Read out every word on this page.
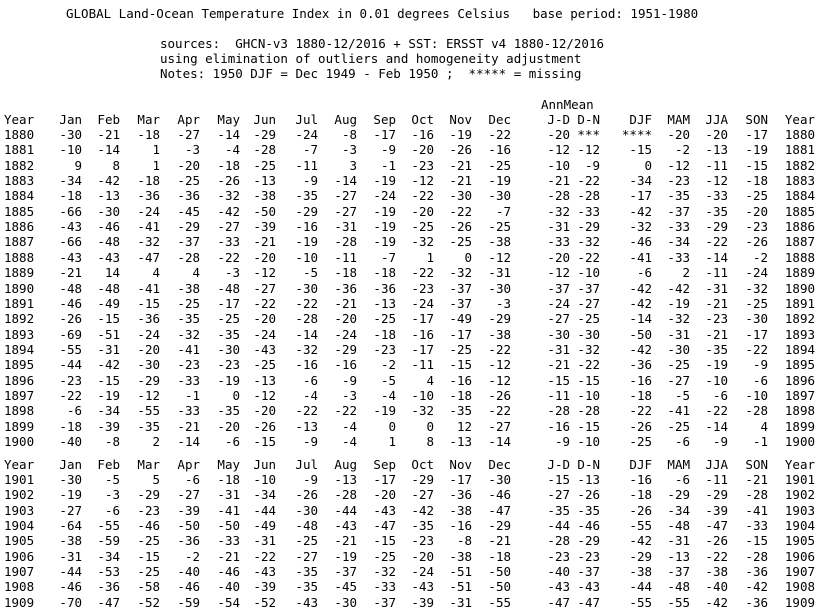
GLOBAL Land-Ocean Temperature Index in 0.01 degrees Celsius   base period: 1951-1980
sources:  GHCN-v3 1880-12/2016 + SST: ERSST v4 1880-12/2016
using elimination of outliers and homogeneity adjustment
Notes: 1950 DJF = Dec 1949 - Feb 1950 ;  ***** = missing
AnnMean
Year	Jan	Feb	Mar	Apr	May	Jun	Jul	Aug	Sep	Oct	Nov	Dec	J-D D-N	DJF	MAM	JJA	SON	Year
1880	-30	-21	-18	-27	-14	-29	-24	-8	-17	-16	-19	-22	-20 ***	****	-20	-20	-17	1880
1881	-10	-14	1	-3	-4	-28	-7	-3	-9	-20	-26	-16	-12 -12	-15	-2	-13	-19	1881
1882	9	8	1	-20	-18	-25	-11	3	-1	-23	-21	-25	-10	-9	0	-12	-11	-15	1882
1883	-34	-42	-18	-25	-26	-13	-9	-14	-19	-12	-21	-19	-21 -22	-34	-23	-12	-18	1883
1884	-18	-13	-36	-36	-32	-38	-35	-27	-24	-22	-30	-30	-28 -28	-17	-35	-33	-25	1884
1885	-66	-30	-24	-45	-42	-50	-29	-27	-19	-20	-22	-7	-32 -33	-42	-37	-35	-20	1885
1886	-43	-46	-41	-29	-27	-39	-16	-31	-19	-25	-26	-25	-31 -29	-32	-33	-29	-23	1886
1887	-66	-48	-32	-37	-33	-21	-19	-28	-19	-32	-25	-38	-33 -32	-46	-34	-22	-26	1887
1888	-43	-43	-47	-28	-22	-20	-10	-11	-7	1	0	-12	-20 -22	-41	-33	-14	-2	1888
1889	-21	14	4	4	-3	-12	-5	-18	-18	-22	-32	-31	-12 -10	-6	2	-11	-24	1889
1890	-48	-48	-41	-38	-48	-27	-30	-36	-36	-23	-37	-30	-37 -37	-42	-42	-31	-32	1890
1891	-46	-49	-15	-25	-17	-22	-22	-21	-13	-24	-37	-3	-24 -27	-42	-19	-21	-25	1891
1892	-26	-15	-36	-35	-25	-20	-28	-20	-25	-17	-49	-29	-27 -25	-14	-32	-23	-30	1892
1893	-69	-51	-24	-32	-35	-24	-14	-24	-18	-16	-17	-38	-30 -30	-50	-31	-21	-17	1893
1894	-55	-31	-20	-41	-30	-43	-32	-29	-23	-17	-25	-22	-31 -32	-42	-30	-35	-22	1894
1895	-44	-42	-30	-23	-23	-25	-16	-16	-2	-11	-15	-12	-21 -22	-36	-25	-19	-9	1895
1896	-23	-15	-29	-33	-19	-13	-6	-9	-5	4	-16	-12	-15 -15	-16	-27	-10	-6	1896
1897	-22	-19	-12	-1	0	-12	-4	-3	-4	-10	-18	-26	-11 -10	-18	-5	-6	-10	1897
1898	-6	-34	-55	-33	-35	-20	-22	-22	-19	-32	-35	-22	-28 -28	-22	-41	-22	-28	1898
1899	-18	-39	-35	-21	-20	-26	-13	-4	0	0	12	-27	-16 -15	-26	-25	-14	4	1899
1900	-40	-8	2	-14	-6	-15	-9	-4	1	8	-13	-14	-9 -10	-25	-6	-9	-1	1900
Year	Jan	Feb	Mar	Apr	May	Jun	Jul	Aug	Sep	Oct	Nov	Dec	J-D D-N	DJF	MAM	JJA	SON	Year
1901	-30	-5	5	-6	-18	-10	-9	-13	-17	-29	-17	-30	-15 -13	-16	-6	-11	-21	1901
1902	-19	-3	-29	-27	-31	-34	-26	-28	-20	-27	-36	-46	-27 -26	-18	-29	-29	-28	1902
1903	-27	-6	-23	-39	-41	-44	-30	-44	-43	-42	-38	-47	-35 -35	-26	-34	-39	-41	1903
1904	-64	-55	-46	-50	-50	-49	-48	-43	-47	-35	-16	-29	-44 -46	-55	-48	-47	-33	1904
1905	-38	-59	-25	-36	-33	-31	-25	-21	-15	-23	-8	-21	-28 -29	-42	-31	-26	-15	1905
1906	-31	-34	-15	-2	-21	-22	-27	-19	-25	-20	-38	-18	-23 -23	-29	-13	-22	-28	1906
1907	-44	-53	-25	-40	-46	-43	-35	-37	-32	-24	-51	-50	-40 -37	-38	-37	-38	-36	1907
1908	-46	-36	-58	-46	-40	-39	-35	-45	-33	-43	-51	-50	-43 -43	-44	-48	-40	-42	1908
1909	-70	-47	-52	-59	-54	-52	-43	-30	-37	-39	-31	-55	-47 -47	-55	-55	-42	-36	1909
